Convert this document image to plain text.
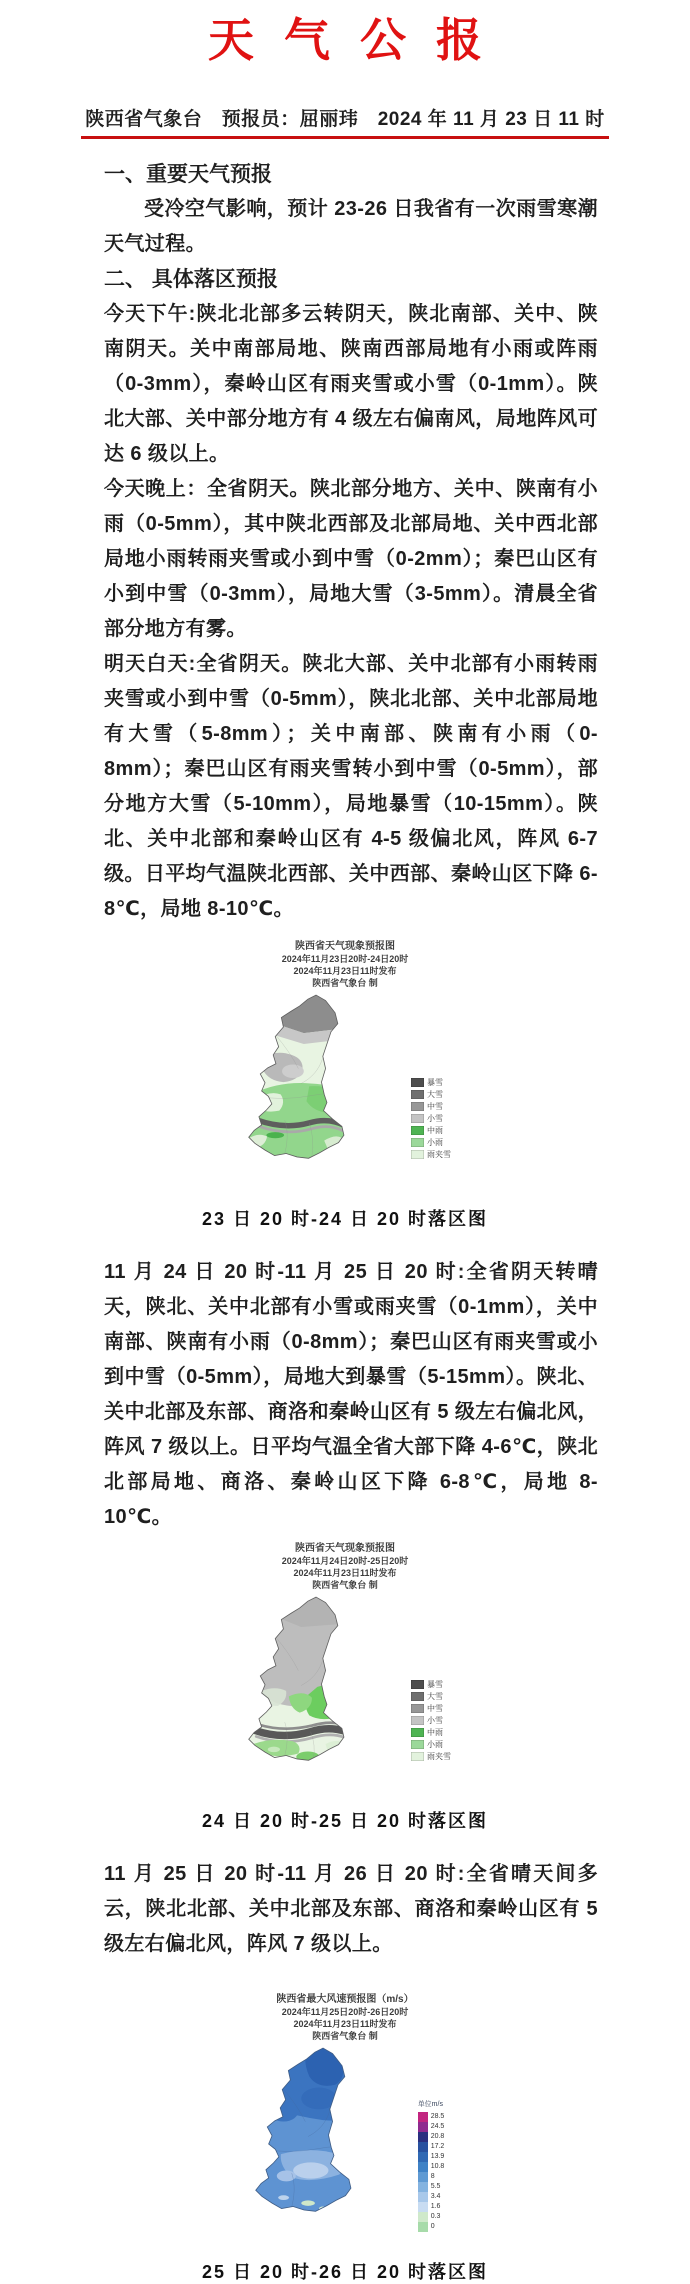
天气公报
陕西省气象台　预报员：屈丽玮　2024 年 11 月 23 日 11 时
一、重要天气预报

受冷空气影响，预计 23-26 日我省有一次雨雪寒潮天气过程。

二、 具体落区预报

今天下午:陕北北部多云转阴天，陕北南部、关中、陕南阴天。关中南部局地、陕南西部局地有小雨或阵雨（0-3mm），秦岭山区有雨夹雪或小雪（0-1mm）。陕北大部、关中部分地方有 4 级左右偏南风，局地阵风可达 6 级以上。

今天晚上：全省阴天。陕北部分地方、关中、陕南有小雨（0-5mm），其中陕北西部及北部局地、关中西北部局地小雨转雨夹雪或小到中雪（0-2mm）；秦巴山区有小到中雪（0-3mm），局地大雪（3-5mm）。清晨全省部分地方有雾。

明天白天:全省阴天。陕北大部、关中北部有小雨转雨夹雪或小到中雪（0-5mm），陕北北部、关中北部局地有大雪（5-8mm）；关中南部、陕南有小雨（0-8mm）；秦巴山区有雨夹雪转小到中雪（0-5mm），部分地方大雪（5-10mm），局地暴雪（10-15mm）。陕北、关中北部和秦岭山区有 4-5 级偏北风，阵风 6-7 级。日平均气温陕北西部、关中西部、秦岭山区下降 6-8℃，局地 8-10℃。

陕西省天气现象预报图
2024年11月23日20时-24日20时
2024年11月23日11时发布
陕西省气象台 制
暴雪
大雪
中雪
小雪
中雨
小雨
雨夹雪
23 日 20 时-24 日 20 时落区图

11 月 24 日 20 时-11 月 25 日 20 时:全省阴天转晴天，陕北、关中北部有小雪或雨夹雪（0-1mm），关中南部、陕南有小雨（0-8mm）；秦巴山区有雨夹雪或小到中雪（0-5mm），局地大到暴雪（5-15mm）。陕北、关中北部及东部、商洛和秦岭山区有 5 级左右偏北风，阵风 7 级以上。日平均气温全省大部下降 4-6℃，陕北北部局地、商洛、秦岭山区下降 6-8℃，局地 8-10℃。

陕西省天气现象预报图
2024年11月24日20时-25日20时
2024年11月23日11时发布
陕西省气象台 制
暴雪
大雪
中雪
小雪
中雨
小雨
雨夹雪
24 日 20 时-25 日 20 时落区图

11 月 25 日 20 时-11 月 26 日 20 时:全省晴天间多云，陕北北部、关中北部及东部、商洛和秦岭山区有 5 级左右偏北风，阵风 7 级以上。

陕西省最大风速预报图（m/s）
2024年11月25日20时-26日20时
2024年11月23日11时发布
陕西省气象台 制
单位m/s
28.5
24.5
20.8
17.2
13.9
10.8
8
5.5
3.4
1.6
0.3
0
25 日 20 时-26 日 20 时落区图
